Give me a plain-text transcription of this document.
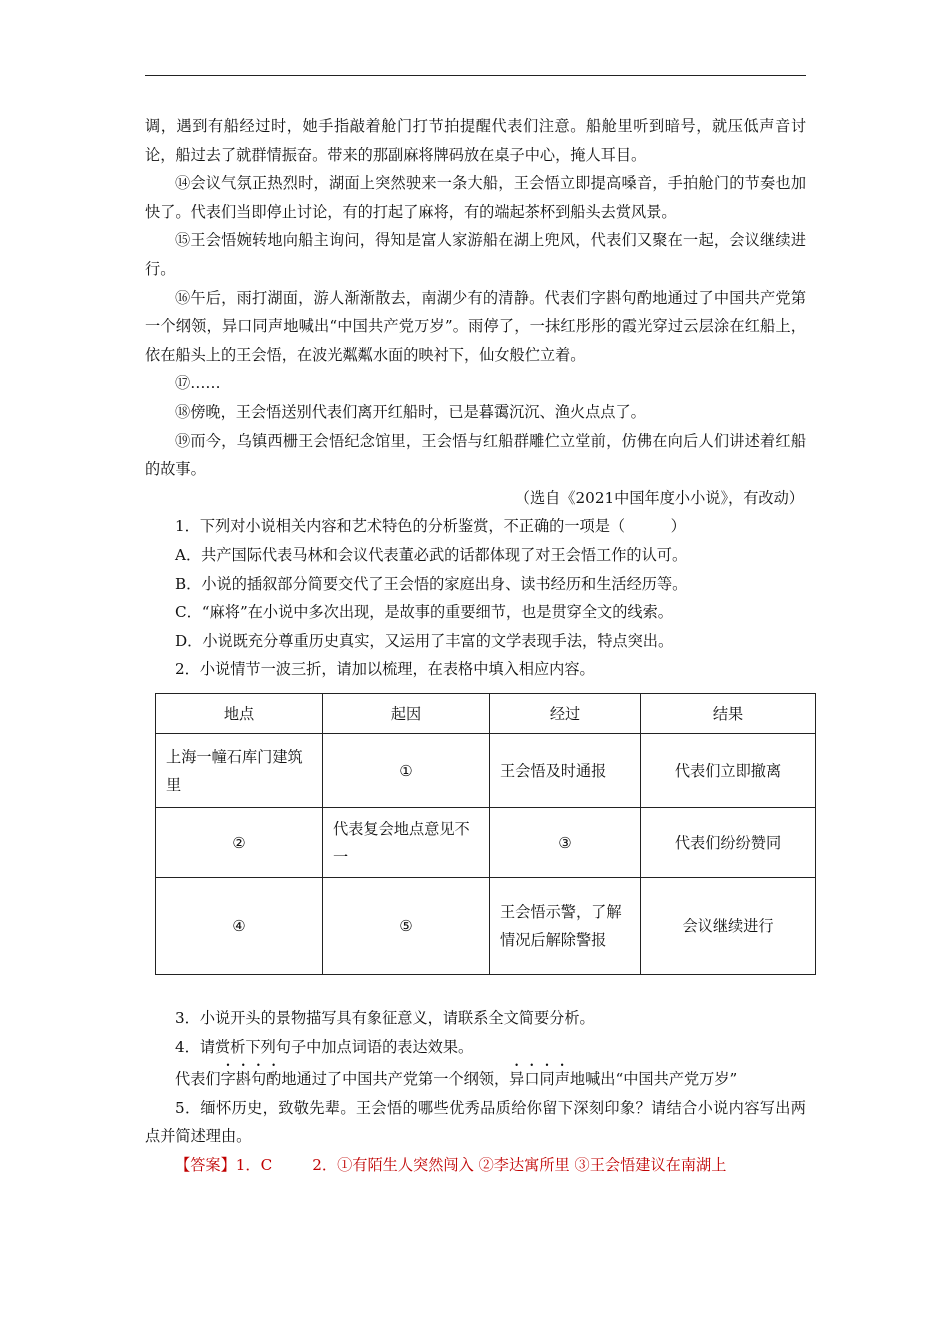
调，遇到有船经过时，她手指敲着舱门打节拍提醒代表们注意。船舱里听到暗号，就压低声音讨论，船过去了就群情振奋。带来的那副麻将牌码放在桌子中心，掩人耳目。

⑭会议气氛正热烈时，湖面上突然驶来一条大船，王会悟立即提高嗓音，手拍舱门的节奏也加快了。代表们当即停止讨论，有的打起了麻将，有的端起茶杯到船头去赏风景。

⑮王会悟婉转地向船主询问，得知是富人家游船在湖上兜风，代表们又聚在一起，会议继续进行。

⑯午后，雨打湖面，游人渐渐散去，南湖少有的清静。代表们字斟句酌地通过了中国共产党第一个纲领，异口同声地喊出“中国共产党万岁”。雨停了，一抹红彤彤的霞光穿过云层涂在红船上，依在船头上的王会悟，在波光粼粼水面的映衬下，仙女般伫立着。

⑰……

⑱傍晚，王会悟送别代表们离开红船时，已是暮霭沉沉、渔火点点了。

⑲而今，乌镇西栅王会悟纪念馆里，王会悟与红船群雕伫立堂前，仿佛在向后人们讲述着红船的故事。

（选自《2021中国年度小小说》，有改动）

1．下列对小说相关内容和艺术特色的分析鉴赏，不正确的一项是（　　　）

A．共产国际代表马林和会议代表董必武的话都体现了对王会悟工作的认可。

B．小说的插叙部分简要交代了王会悟的家庭出身、读书经历和生活经历等。

C．“麻将”在小说中多次出现，是故事的重要细节，也是贯穿全文的线索。

D．小说既充分尊重历史真实，又运用了丰富的文学表现手法，特点突出。

2．小说情节一波三折，请加以梳理，在表格中填入相应内容。

地点	起因	经过	结果
上海一幢石库门建筑里	①	王会悟及时通报	代表们立即撤离
②	代表复会地点意见不一	③	代表们纷纷赞同
④	⑤	王会悟示警，了解情况后解除警报	会议继续进行

3．小说开头的景物描写具有象征意义，请联系全文简要分析。

4．请赏析下列句子中加点词语的表达效果。

代表们字斟句酌地通过了中国共产党第一个纲领，异口同声地喊出“中国共产党万岁”

5．缅怀历史，致敬先辈。王会悟的哪些优秀品质给你留下深刻印象？请结合小说内容写出两点并简述理由。

【答案】1．C	2．①有陌生人突然闯入 ②李达寓所里 ③王会悟建议在南湖上
